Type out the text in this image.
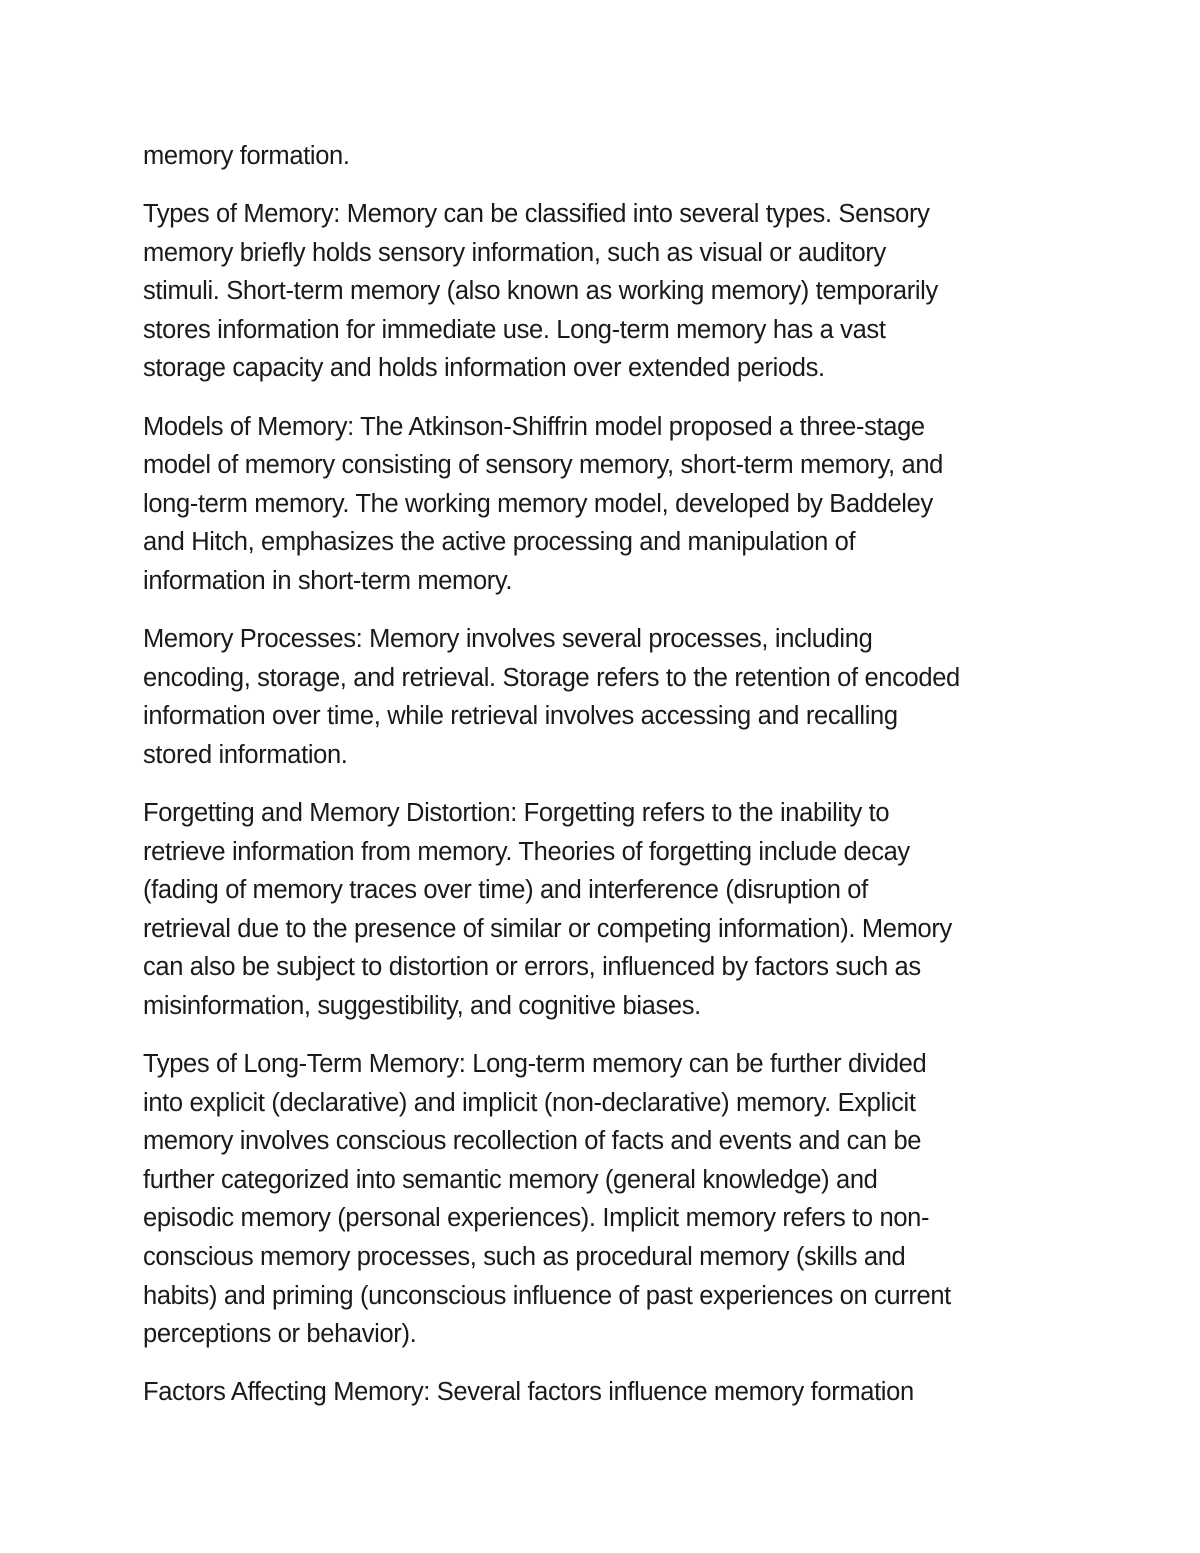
memory formation.

Types of Memory: Memory can be classified into several types. Sensory
memory briefly holds sensory information, such as visual or auditory
stimuli. Short-term memory (also known as working memory) temporarily
stores information for immediate use. Long-term memory has a vast
storage capacity and holds information over extended periods.

Models of Memory: The Atkinson-Shiffrin model proposed a three-stage
model of memory consisting of sensory memory, short-term memory, and
long-term memory. The working memory model, developed by Baddeley
and Hitch, emphasizes the active processing and manipulation of
information in short-term memory.

Memory Processes: Memory involves several processes, including
encoding, storage, and retrieval. Storage refers to the retention of encoded
information over time, while retrieval involves accessing and recalling
stored information.

Forgetting and Memory Distortion: Forgetting refers to the inability to
retrieve information from memory. Theories of forgetting include decay
(fading of memory traces over time) and interference (disruption of
retrieval due to the presence of similar or competing information). Memory
can also be subject to distortion or errors, influenced by factors such as
misinformation, suggestibility, and cognitive biases.

Types of Long-Term Memory: Long-term memory can be further divided
into explicit (declarative) and implicit (non-declarative) memory. Explicit
memory involves conscious recollection of facts and events and can be
further categorized into semantic memory (general knowledge) and
episodic memory (personal experiences). Implicit memory refers to non-
conscious memory processes, such as procedural memory (skills and
habits) and priming (unconscious influence of past experiences on current
perceptions or behavior).

Factors Affecting Memory: Several factors influence memory formation
